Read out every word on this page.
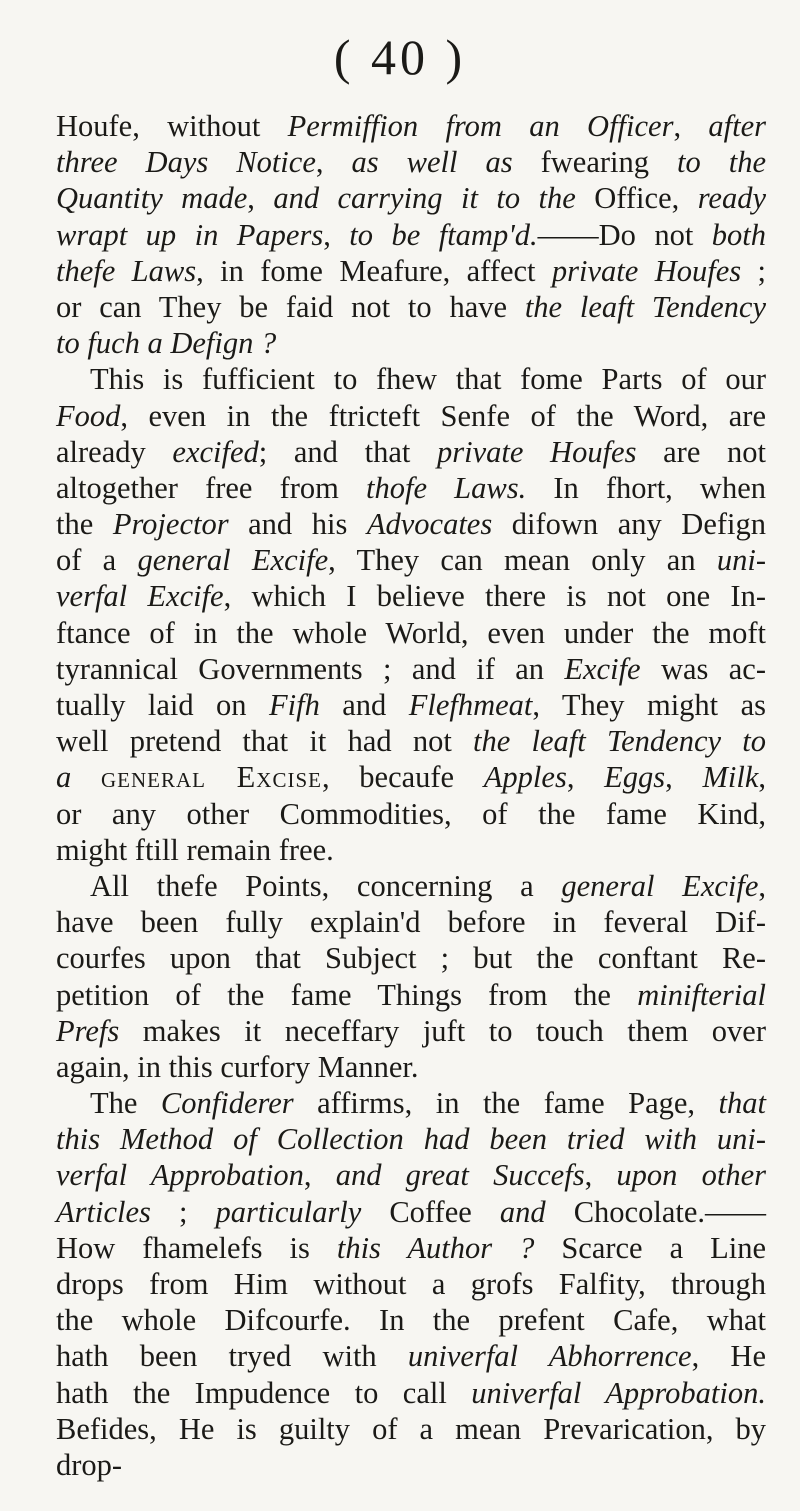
( 40 )
Houfe, without Permiffion from an Officer, after
three Days Notice, as well as fwearing to the
Quantity made, and carrying it to the Office, ready
wrapt up in Papers, to be ftamp'd.——Do not both
thefe Laws, in fome Meafure, affect private Houfes ;
or can They be faid not to have the leaft Tendency
to fuch a Defign ?
This is fufficient to fhew that fome Parts of our
Food, even in the ftricteft Senfe of the Word, are
already excifed; and that private Houfes are not
altogether free from thofe Laws. In fhort, when
the Projector and his Advocates difown any Defign
of a general Excife, They can mean only an uni-
verfal Excife, which I believe there is not one In-
ftance of in the whole World, even under the moft
tyrannical Governments ; and if an Excife was ac-
tually laid on Fifh and Flefhmeat, They might as
well pretend that it had not the leaft Tendency to
a general Excise, becaufe Apples, Eggs, Milk,
or any other Commodities, of the fame Kind,
might ftill remain free.
All thefe Points, concerning a general Excife,
have been fully explain'd before in feveral Dif-
courfes upon that Subject ; but the conftant Re-
petition of the fame Things from the minifterial
Prefs makes it neceffary juft to touch them over
again, in this curfory Manner.
The Confiderer affirms, in the fame Page, that
this Method of Collection had been tried with uni-
verfal Approbation, and great Succefs, upon other
Articles ; particularly Coffee and Chocolate.——
How fhamelefs is this Author ? Scarce a Line
drops from Him without a grofs Falfity, through
the whole Difcourfe. In the prefent Cafe, what
hath been tryed with univerfal Abhorrence, He
hath the Impudence to call univerfal Approbation.
Befides, He is guilty of a mean Prevarication, by
drop-
